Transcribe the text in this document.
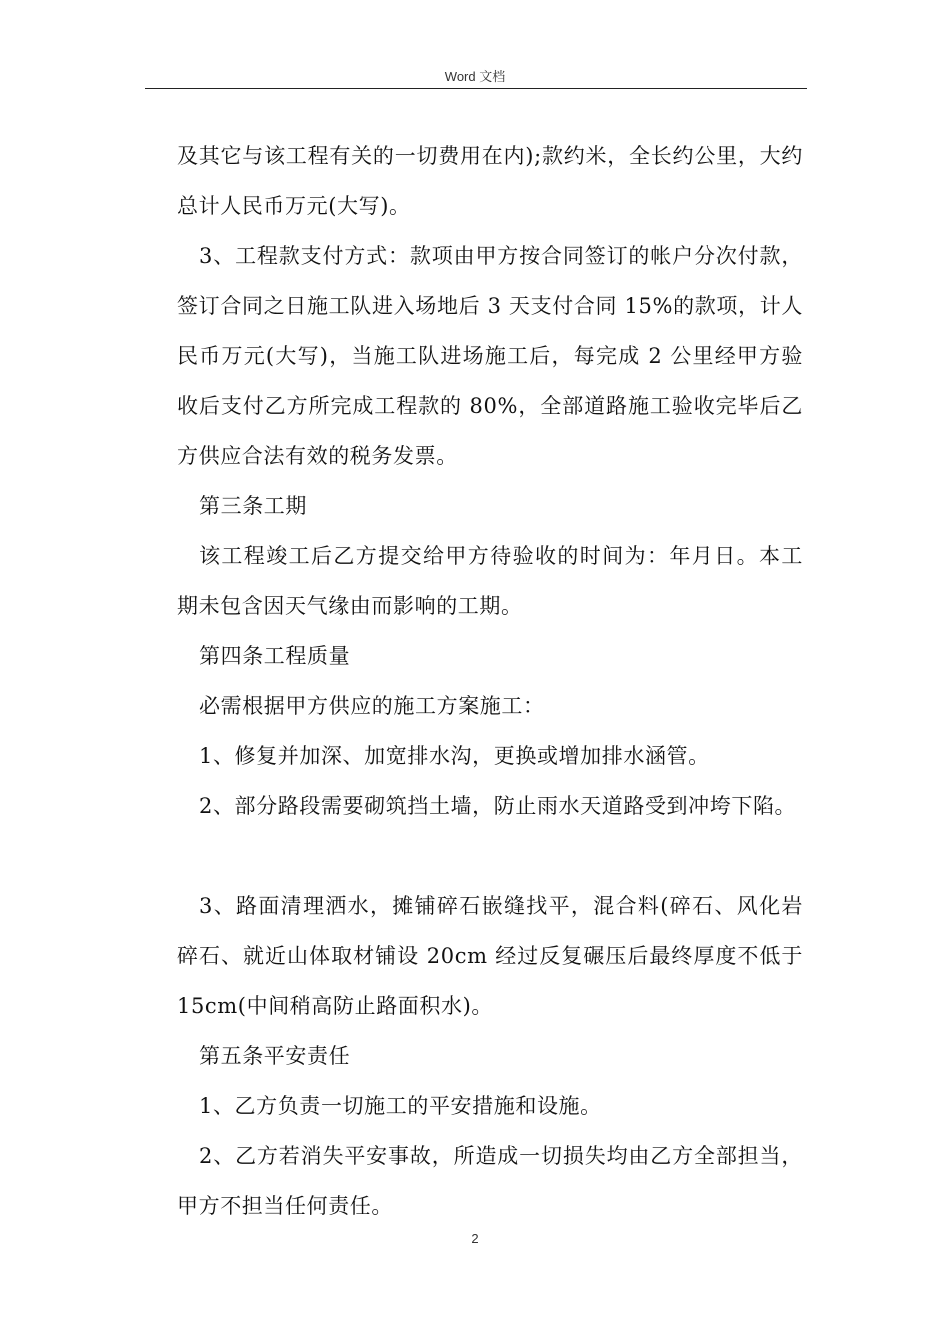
Word 文档

及其它与该工程有关的一切费用在内);款约米，全长约公里，大约总计人民币万元(大写)。

3、工程款支付方式：款项由甲方按合同签订的帐户分次付款，签订合同之日施工队进入场地后 3 天支付合同 15%的款项，计人民币万元(大写)，当施工队进场施工后，每完成 2 公里经甲方验收后支付乙方所完成工程款的 80%，全部道路施工验收完毕后乙方供应合法有效的税务发票。

第三条工期

该工程竣工后乙方提交给甲方待验收的时间为：年月日。本工期未包含因天气缘由而影响的工期。

第四条工程质量

必需根据甲方供应的施工方案施工：

1、修复并加深、加宽排水沟，更换或增加排水涵管。

2、部分路段需要砌筑挡土墙，防止雨水天道路受到冲垮下陷。

3、路面清理洒水，摊铺碎石嵌缝找平，混合料(碎石、风化岩碎石、就近山体取材铺设 20cm 经过反复碾压后最终厚度不低于 15cm(中间稍高防止路面积水)。

第五条平安责任

1、乙方负责一切施工的平安措施和设施。

2、乙方若消失平安事故，所造成一切损失均由乙方全部担当，甲方不担当任何责任。

2
